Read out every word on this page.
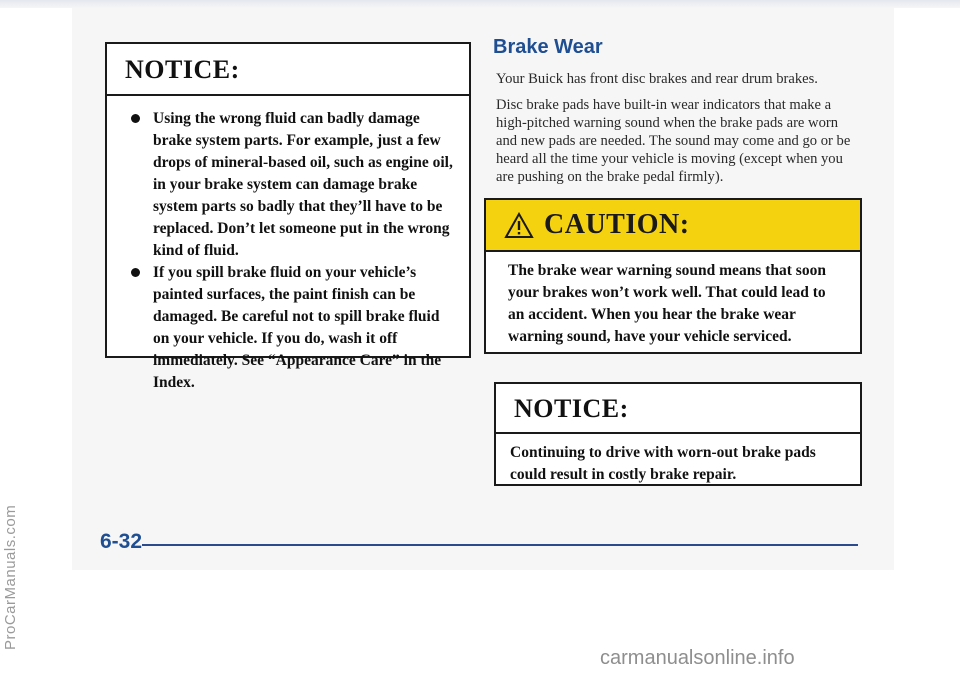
ProCarManuals.com
NOTICE:
Using the wrong fluid can badly damage brake system parts. For example, just a few drops of mineral-based oil, such as engine oil, in your brake system can damage brake system parts so badly that they’ll have to be replaced. Don’t let someone put in the wrong kind of fluid.
If you spill brake fluid on your vehicle’s painted surfaces, the paint finish can be damaged. Be careful not to spill brake fluid on your vehicle. If you do, wash it off immediately. See “Appearance Care” in the Index.
Brake Wear

Your Buick has front disc brakes and rear drum brakes.

Disc brake pads have built-in wear indicators that make a high-pitched warning sound when the brake pads are worn and new pads are needed. The sound may come and go or be heard all the time your vehicle is moving (except when you are pushing on the brake pedal firmly).

CAUTION:
The brake wear warning sound means that soon your brakes won’t work well. That could lead to an accident. When you hear the brake wear warning sound, have your vehicle serviced.
NOTICE:
Continuing to drive with worn-out brake pads could result in costly brake repair.
6-32
carmanualsonline.info
